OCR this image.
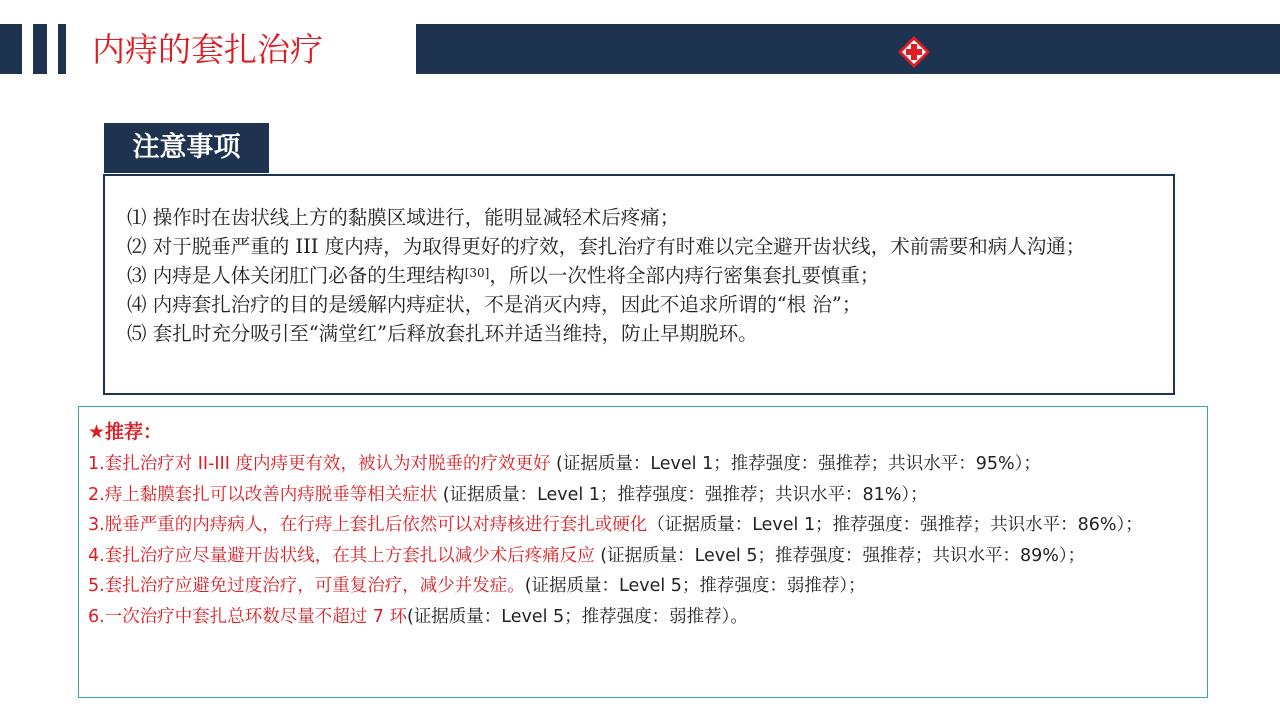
内痔的套扎治疗
注意事项
⑴ 操作时在齿状线上方的黏膜区域进行，能明显减轻术后疼痛；
⑵ 对于脱垂严重的 III 度内痔，为取得更好的疗效，套扎治疗有时难以完全避开齿状线，术前需要和病人沟通；
⑶ 内痔是人体关闭肛门必备的生理结构[30]，所以一次性将全部内痔行密集套扎要慎重；
⑷ 内痔套扎治疗的目的是缓解内痔症状，不是消灭内痔，因此不追求所谓的“根 治”；
⑸ 套扎时充分吸引至“满堂红”后释放套扎环并适当维持，防止早期脱环。
★推荐：
1.套扎治疗对 II-III 度内痔更有效，被认为对脱垂的疗效更好 (证据质量：Level 1；推荐强度：强推荐；共识水平：95%）；
2.痔上黏膜套扎可以改善内痔脱垂等相关症状 (证据质量：Level 1；推荐强度：强推荐；共识水平：81%）；
3.脱垂严重的内痔病人，在行痔上套扎后依然可以对痔核进行套扎或硬化（证据质量：Level 1；推荐强度：强推荐；共识水平：86%）；
4.套扎治疗应尽量避开齿状线，在其上方套扎以减少术后疼痛反应 (证据质量：Level 5；推荐强度：强推荐；共识水平：89%）；
5.套扎治疗应避免过度治疗，可重复治疗，减少并发症。(证据质量：Level 5；推荐强度：弱推荐）；
6.一次治疗中套扎总环数尽量不超过 7 环(证据质量：Level 5；推荐强度：弱推荐）。
